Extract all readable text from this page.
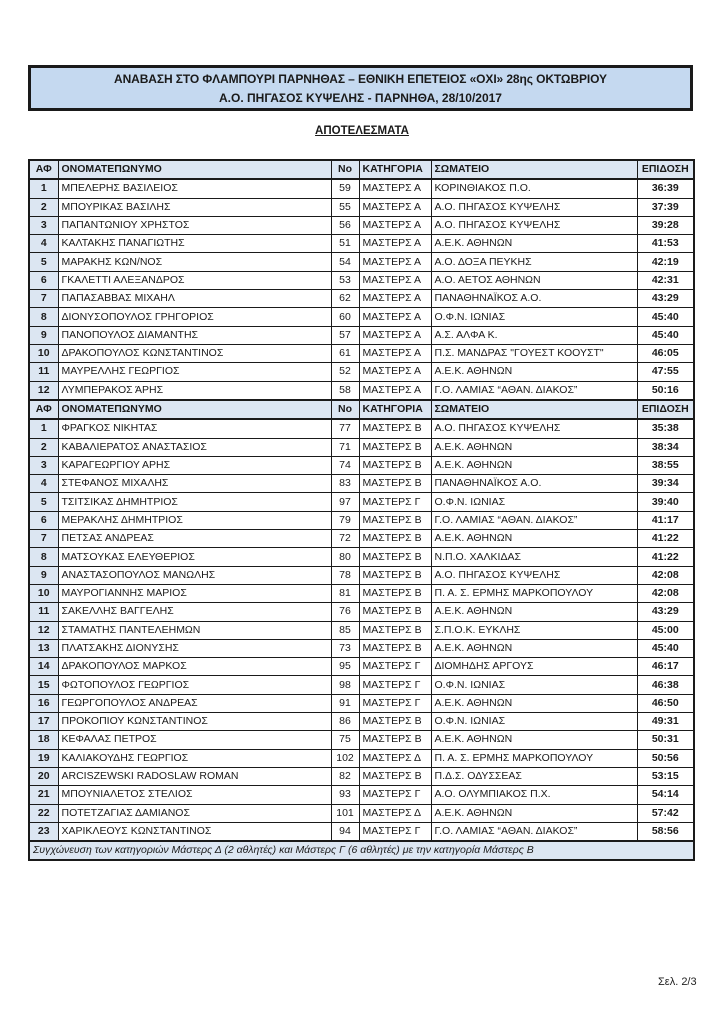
ΑΝΑΒΑΣΗ ΣΤΟ ΦΛΑΜΠΟΥΡΙ ΠΑΡΝΗΘΑΣ – ΕΘΝΙΚΗ ΕΠΕΤΕΙΟΣ «ΟΧΙ» 28ης ΟΚΤΩΒΡΙΟΥ
Α.Ο. ΠΗΓΑΣΟΣ ΚΥΨΕΛΗΣ - ΠΑΡΝΗΘΑ, 28/10/2017
ΑΠΟΤΕΛΕΣΜΑΤΑ
ΑΦ	ΟΝΟΜΑΤΕΠΩΝΥΜΟ	No	ΚΑΤΗΓΟΡΙΑ	ΣΩΜΑΤΕΙΟ	ΕΠΙΔΟΣΗ
1	ΜΠΕΛΕΡΗΣ ΒΑΣΙΛΕΙΟΣ	59	ΜΑΣΤΕΡΣ Α	ΚΟΡΙΝΘΙΑΚΟΣ Π.Ο.	36:39
2	ΜΠΟΥΡΙΚΑΣ ΒΑΣΙΛΗΣ	55	ΜΑΣΤΕΡΣ Α	Α.Ο. ΠΗΓΑΣΟΣ ΚΥΨΕΛΗΣ	37:39
3	ΠΑΠΑΝΤΩΝΙΟΥ ΧΡΗΣΤΟΣ	56	ΜΑΣΤΕΡΣ Α	Α.Ο. ΠΗΓΑΣΟΣ ΚΥΨΕΛΗΣ	39:28
4	ΚΑΛΤΑΚΗΣ ΠΑΝΑΓΙΩΤΗΣ	51	ΜΑΣΤΕΡΣ Α	Α.Ε.Κ. ΑΘΗΝΩΝ	41:53
5	ΜΑΡΑΚΗΣ ΚΩΝ/ΝΟΣ	54	ΜΑΣΤΕΡΣ Α	Α.Ο. ΔΟΞΑ ΠΕΥΚΗΣ	42:19
6	ΓΚΑΛΕΤΤΙ ΑΛΕΞΑΝΔΡΟΣ	53	ΜΑΣΤΕΡΣ Α	Α.Ο. ΑΕΤΟΣ ΑΘΗΝΩΝ	42:31
7	ΠΑΠΑΣΑΒΒΑΣ ΜΙΧΑΗΛ	62	ΜΑΣΤΕΡΣ Α	ΠΑΝΑΘΗΝΑΪΚΟΣ Α.Ο.	43:29
8	ΔΙΟΝΥΣΟΠΟΥΛΟΣ ΓΡΗΓΟΡΙΟΣ	60	ΜΑΣΤΕΡΣ Α	Ο.Φ.Ν. ΙΩΝΙΑΣ	45:40
9	ΠΑΝΟΠΟΥΛΟΣ ΔΙΑΜΑΝΤΗΣ	57	ΜΑΣΤΕΡΣ Α	Α.Σ. ΑΛΦΑ Κ.	45:40
10	ΔΡΑΚΟΠΟΥΛΟΣ ΚΩΝΣΤΑΝΤΙΝΟΣ	61	ΜΑΣΤΕΡΣ Α	Π.Σ. ΜΑΝΔΡΑΣ "ΓΟΥΕΣΤ ΚΟΟΥΣΤ"	46:05
11	ΜΑΥΡΕΛΛΗΣ ΓΕΩΡΓΙΟΣ	52	ΜΑΣΤΕΡΣ Α	Α.Ε.Κ. ΑΘΗΝΩΝ	47:55
12	ΛΥΜΠΕΡΑΚΟΣ ΆΡΗΣ	58	ΜΑΣΤΕΡΣ Α	Γ.Ο. ΛΑΜΙΑΣ “ΑΘΑΝ. ΔΙΑΚΟΣ”	50:16
ΑΦ	ΟΝΟΜΑΤΕΠΩΝΥΜΟ	No	ΚΑΤΗΓΟΡΙΑ	ΣΩΜΑΤΕΙΟ	ΕΠΙΔΟΣΗ
1	ΦΡΑΓΚΟΣ ΝΙΚΗΤΑΣ	77	ΜΑΣΤΕΡΣ Β	Α.Ο. ΠΗΓΑΣΟΣ ΚΥΨΕΛΗΣ	35:38
2	ΚΑΒΑΛΙΕΡΑΤΟΣ ΑΝΑΣΤΑΣΙΟΣ	71	ΜΑΣΤΕΡΣ Β	Α.Ε.Κ. ΑΘΗΝΩΝ	38:34
3	ΚΑΡΑΓΕΩΡΓΙΟΥ ΑΡΗΣ	74	ΜΑΣΤΕΡΣ Β	Α.Ε.Κ. ΑΘΗΝΩΝ	38:55
4	ΣΤΕΦΑΝΟΣ ΜΙΧΑΛΗΣ	83	ΜΑΣΤΕΡΣ Β	ΠΑΝΑΘΗΝΑΪΚΟΣ Α.Ο.	39:34
5	ΤΣΙΤΣΙΚΑΣ ΔΗΜΗΤΡΙΟΣ	97	ΜΑΣΤΕΡΣ Γ	Ο.Φ.Ν. ΙΩΝΙΑΣ	39:40
6	ΜΕΡΑΚΛΗΣ ΔΗΜΗΤΡΙΟΣ	79	ΜΑΣΤΕΡΣ Β	Γ.Ο. ΛΑΜΙΑΣ “ΑΘΑΝ. ΔΙΑΚΟΣ”	41:17
7	ΠΕΤΣΑΣ ΑΝΔΡΕΑΣ	72	ΜΑΣΤΕΡΣ Β	Α.Ε.Κ. ΑΘΗΝΩΝ	41:22
8	ΜΑΤΣΟΥΚΑΣ ΕΛΕΥΘΕΡΙΟΣ	80	ΜΑΣΤΕΡΣ Β	Ν.Π.Ο. ΧΑΛΚΙΔΑΣ	41:22
9	ΑΝΑΣΤΑΣΟΠΟΥΛΟΣ ΜΑΝΩΛΗΣ	78	ΜΑΣΤΕΡΣ Β	Α.Ο. ΠΗΓΑΣΟΣ ΚΥΨΕΛΗΣ	42:08
10	ΜΑΥΡΟΓΙΑΝΝΗΣ ΜΑΡΙΟΣ	81	ΜΑΣΤΕΡΣ Β	Π. Α. Σ. ΕΡΜΗΣ ΜΑΡΚΟΠΟΥΛΟΥ	42:08
11	ΣΑΚΕΛΛΗΣ ΒΑΓΓΕΛΗΣ	76	ΜΑΣΤΕΡΣ Β	Α.Ε.Κ. ΑΘΗΝΩΝ	43:29
12	ΣΤΑΜΑΤΗΣ ΠΑΝΤΕΛΕΗΜΩΝ	85	ΜΑΣΤΕΡΣ Β	Σ.Π.Ο.Κ. ΕΥΚΛΗΣ	45:00
13	ΠΛΑΤΣΑΚΗΣ ΔΙΟΝΥΣΗΣ	73	ΜΑΣΤΕΡΣ Β	Α.Ε.Κ. ΑΘΗΝΩΝ	45:40
14	ΔΡΑΚΟΠΟΥΛΟΣ ΜΑΡΚΟΣ	95	ΜΑΣΤΕΡΣ Γ	ΔΙΟΜΗΔΗΣ ΑΡΓΟΥΣ	46:17
15	ΦΩΤΟΠΟΥΛΟΣ ΓΕΩΡΓΙΟΣ	98	ΜΑΣΤΕΡΣ Γ	Ο.Φ.Ν. ΙΩΝΙΑΣ	46:38
16	ΓΕΩΡΓΟΠΟΥΛΟΣ ΑΝΔΡΕΑΣ	91	ΜΑΣΤΕΡΣ Γ	Α.Ε.Κ. ΑΘΗΝΩΝ	46:50
17	ΠΡΟΚΟΠΙΟΥ ΚΩΝΣΤΑΝΤΙΝΟΣ	86	ΜΑΣΤΕΡΣ Β	Ο.Φ.Ν. ΙΩΝΙΑΣ	49:31
18	ΚΕΦΑΛΑΣ ΠΕΤΡΟΣ	75	ΜΑΣΤΕΡΣ Β	Α.Ε.Κ. ΑΘΗΝΩΝ	50:31
19	ΚΑΛΙΑΚΟΥΔΗΣ ΓΕΩΡΓΙΟΣ	102	ΜΑΣΤΕΡΣ Δ	Π. Α. Σ. ΕΡΜΗΣ ΜΑΡΚΟΠΟΥΛΟΥ	50:56
20	ARCISZEWSKI RADOSLAW ROMAN	82	ΜΑΣΤΕΡΣ Β	Π.Δ.Σ. ΟΔΥΣΣΕΑΣ	53:15
21	ΜΠΟΥΝΙΑΛΕΤΟΣ ΣΤΕΛΙΟΣ	93	ΜΑΣΤΕΡΣ Γ	Α.Ο. ΟΛΥΜΠΙΑΚΟΣ Π.Χ.	54:14
22	ΠΟΤΕΤΖΑΓΙΑΣ ΔΑΜΙΑΝΟΣ	101	ΜΑΣΤΕΡΣ Δ	Α.Ε.Κ. ΑΘΗΝΩΝ	57:42
23	ΧΑΡΙΚΛΕΟΥΣ ΚΩΝΣΤΑΝΤΙΝΟΣ	94	ΜΑΣΤΕΡΣ Γ	Γ.Ο. ΛΑΜΙΑΣ “ΑΘΑΝ. ΔΙΑΚΟΣ”	58:56
Συγχώνευση των κατηγοριών Μάστερς Δ (2 αθλητές) και Μάστερς Γ (6 αθλητές) με την κατηγορία Μάστερς Β					
Σελ. 2/3
